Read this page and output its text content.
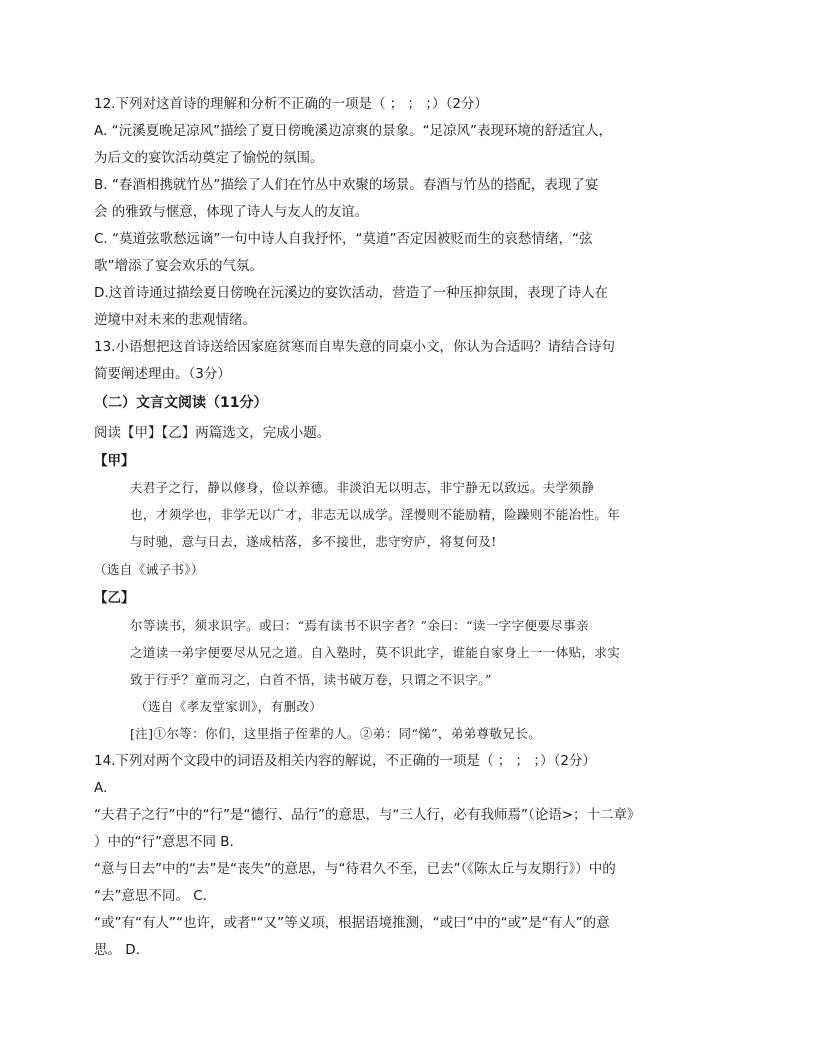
12.下列对这首诗的理解和分析不正确的一项是（ ； ； ；）（2分）

A. “沅溪夏晚足凉风”描绘了夏日傍晚溪边凉爽的景象。“足凉风”表现环境的舒适宜人，

为后文的宴饮活动奠定了愉悦的氛围。

B. “春酒相携就竹丛”描绘了人们在竹丛中欢聚的场景。春酒与竹丛的搭配，表现了宴

会 的雅致与惬意，体现了诗人与友人的友谊。

C. “莫道弦歌愁远谪”一句中诗人自我抒怀，“莫道”否定因被贬而生的哀愁情绪，“弦

歌”增添了宴会欢乐的气氛。

D.这首诗通过描绘夏日傍晚在沅溪边的宴饮活动，营造了一种压抑氛围，表现了诗人在

逆境中对未来的悲观情绪。

13.小语想把这首诗送给因家庭贫寒而自卑失意的同桌小文，你认为合适吗？请结合诗句

简要阐述理由。（3分）

（二）文言文阅读（11分）

阅读【甲】【乙】两篇选文，完成小题。

【甲】

夫君子之行，静以修身，俭以养德。非淡泊无以明志，非宁静无以致远。夫学须静

也，才须学也，非学无以广才，非志无以成学。淫慢则不能励精，险躁则不能冶性。年

与时驰，意与日去，遂成枯落，多不接世，悲守穷庐，将复何及!

（选自《诫子书》）

【乙】

尔等读书，须求识字。或曰：“焉有读书不识字者？”余曰：“读一字字便要尽事亲

之道读一弟字便要尽从兄之道。自入塾时，莫不识此字，谁能自家身上一一体贴，求实

致于行乎？童而习之，白首不悟，读书破万卷，只谓之不识字。”

（选自《孝友堂家训》，有删改）

[注]①尔等：你们，这里指子侄辈的人。②弟：同“悌”，弟弟尊敬兄长。

14.下列对两个文段中的词语及相关内容的解说，不正确的一项是（ ； ； ；）（2分）

A.

“夫君子之行”中的“行”是“德行、品行”的意思，与“三人行，必有我师焉”（论语>；十二章》

）中的“行”意思不同 B.

“意与日去”中的“去”是“丧失”的意思，与“待君久不至，已去”（《陈太丘与友期行》）中的

“去”意思不同。 C.

“或”有“有人”“也许，或者"“又”等义项，根据语境推测，“或曰”中的“或”是“有人”的意

思。 D.
